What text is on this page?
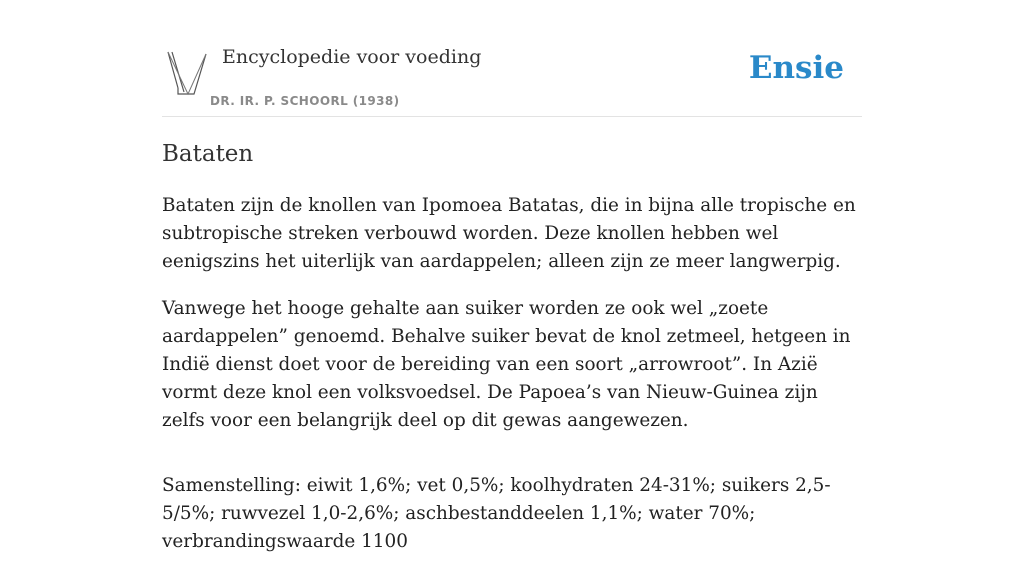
Encyclopedie voor voeding
DR. IR. P. SCHOORL (1938)
Ensie
Bataten

Bataten zijn de knollen van Ipomoea Batatas, die in bijna alle tropische en subtropische streken verbouwd worden. Deze knollen hebben wel eenigszins het uiterlijk van aardappelen; alleen zijn ze meer langwerpig.

Vanwege het hooge gehalte aan suiker worden ze ook wel „zoete aardappelen” genoemd. Behalve suiker bevat de knol zetmeel, hetgeen in Indië dienst doet voor de bereiding van een soort „arrowroot”. In Azië vormt deze knol een volksvoedsel. De Papoea’s van Nieuw-Guinea zijn zelfs voor een belangrijk deel op dit gewas aangewezen.

Samenstelling: eiwit 1,6%; vet 0,5%; koolhydraten 24-31%; suikers 2,5-5/5%; ruwvezel 1,0-2,6%; aschbestanddeelen 1,1%; water 70%; verbrandingswaarde 1100
